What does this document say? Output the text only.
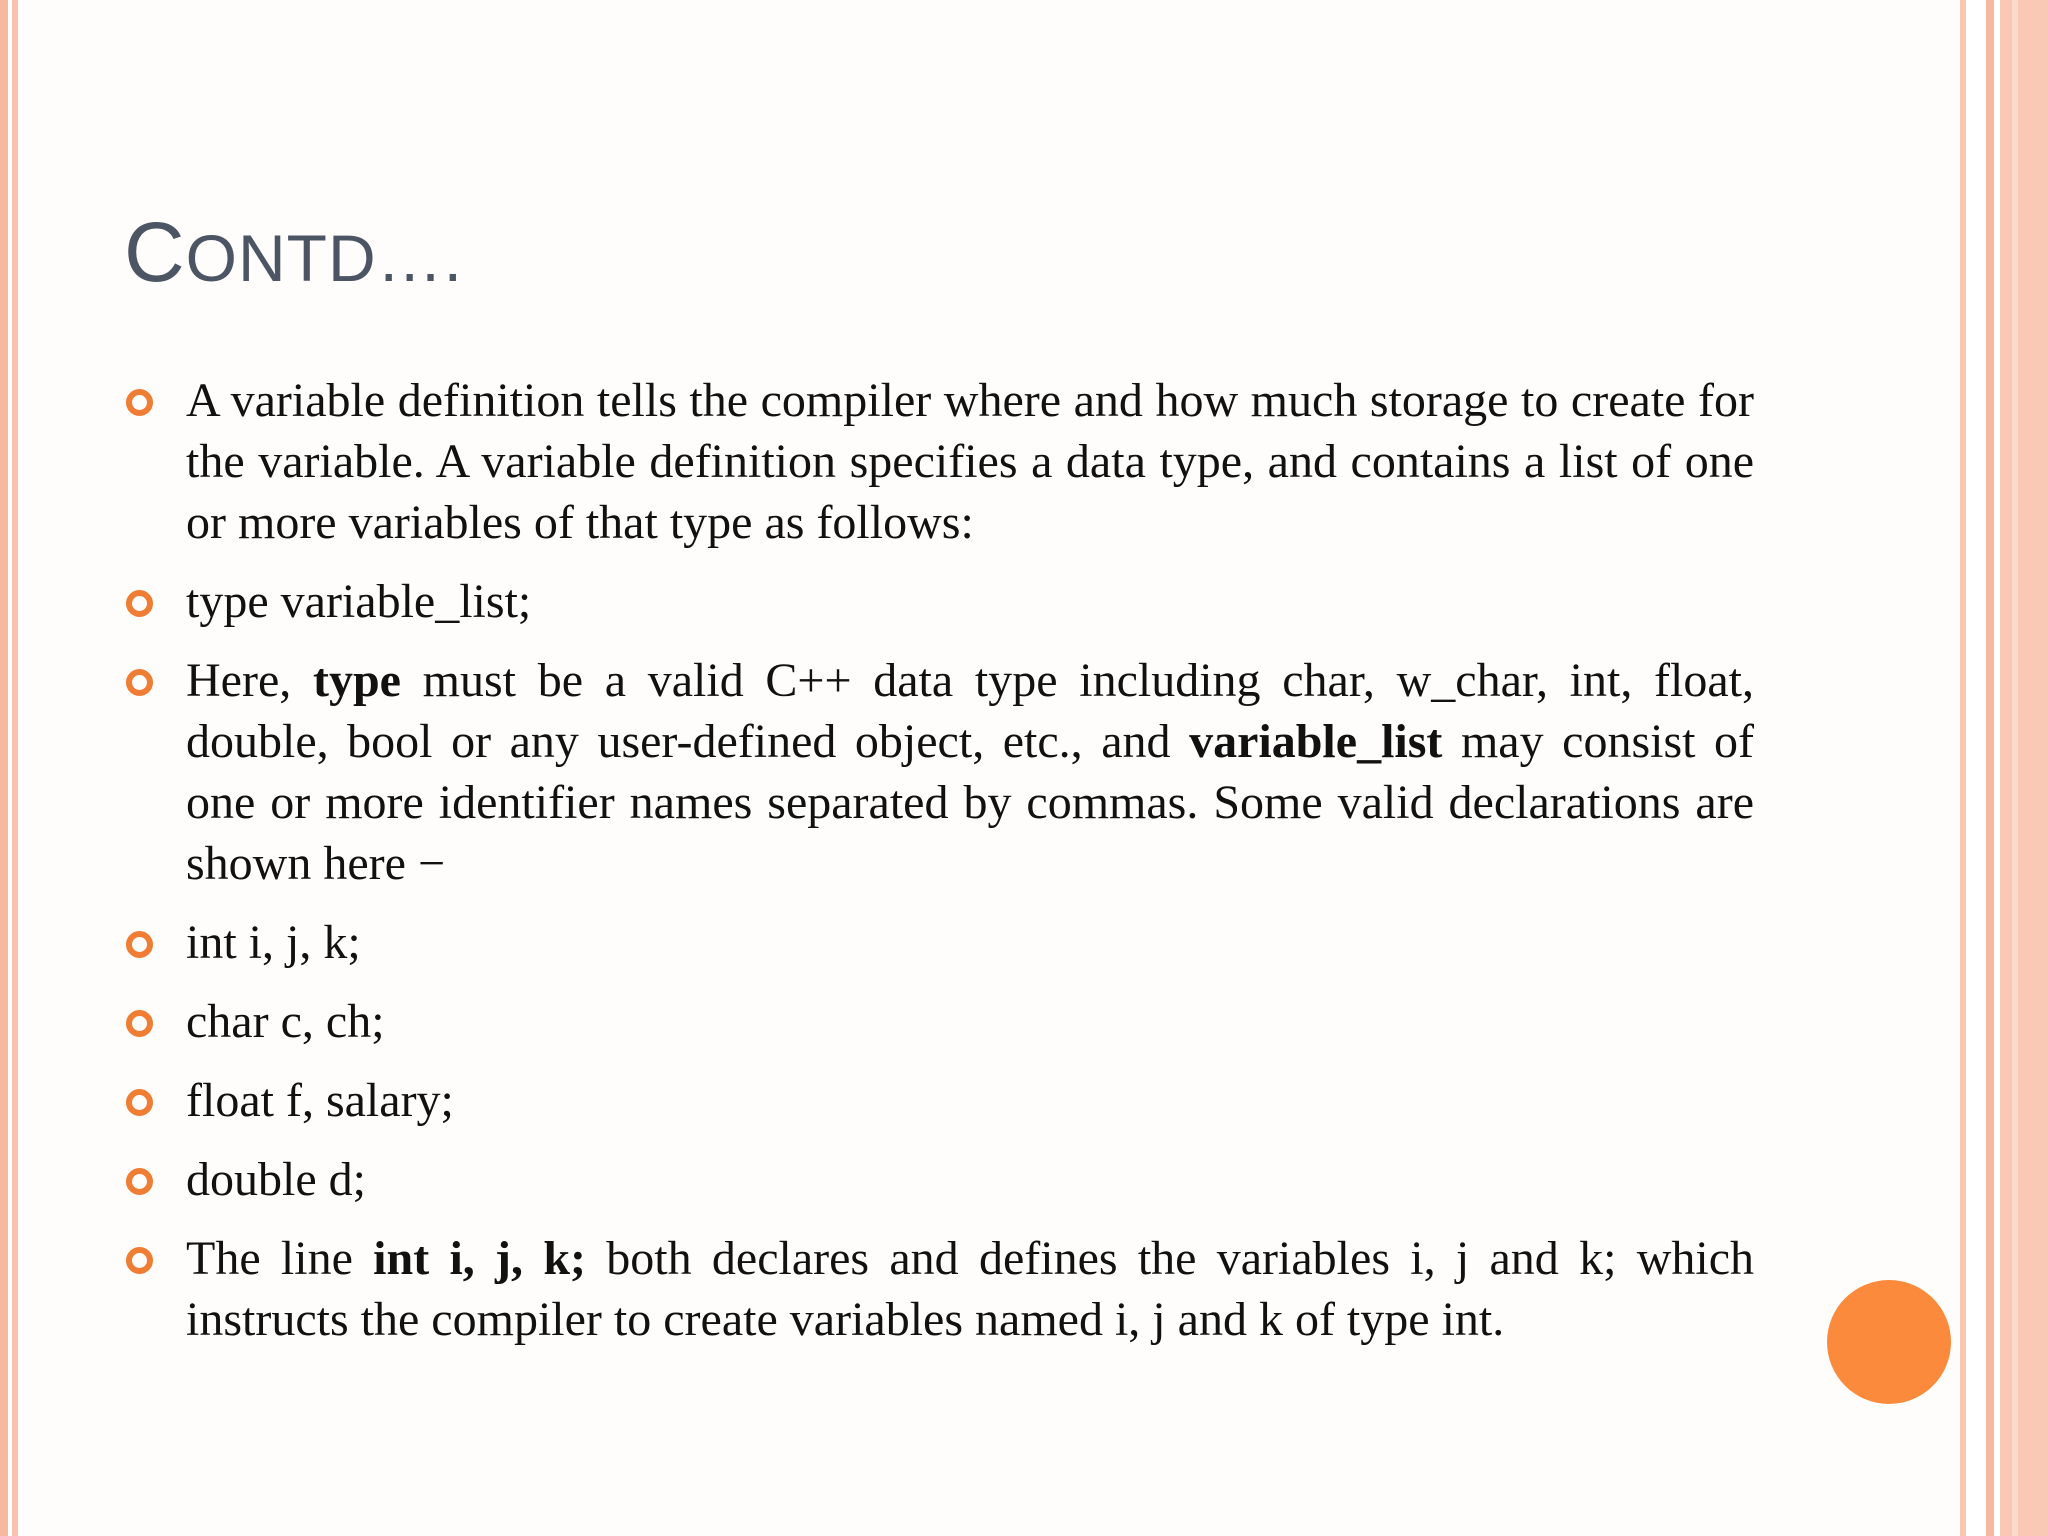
CONTD….

A variable definition tells the compiler where and how much storage to create for the variable. A variable definition specifies a data type, and contains a list of one or more variables of that type as follows:

type variable_list;

Here, type must be a valid C++ data type including char, w_char, int, float, double, bool or any user-defined object, etc., and variable_list may consist of one or more identifier names separated by commas. Some valid declarations are shown here −

int i, j, k;

char c, ch;

float f, salary;

double d;

The line int i, j, k; both declares and defines the variables i, j and k; which instructs the compiler to create variables named i, j and k of type int.
